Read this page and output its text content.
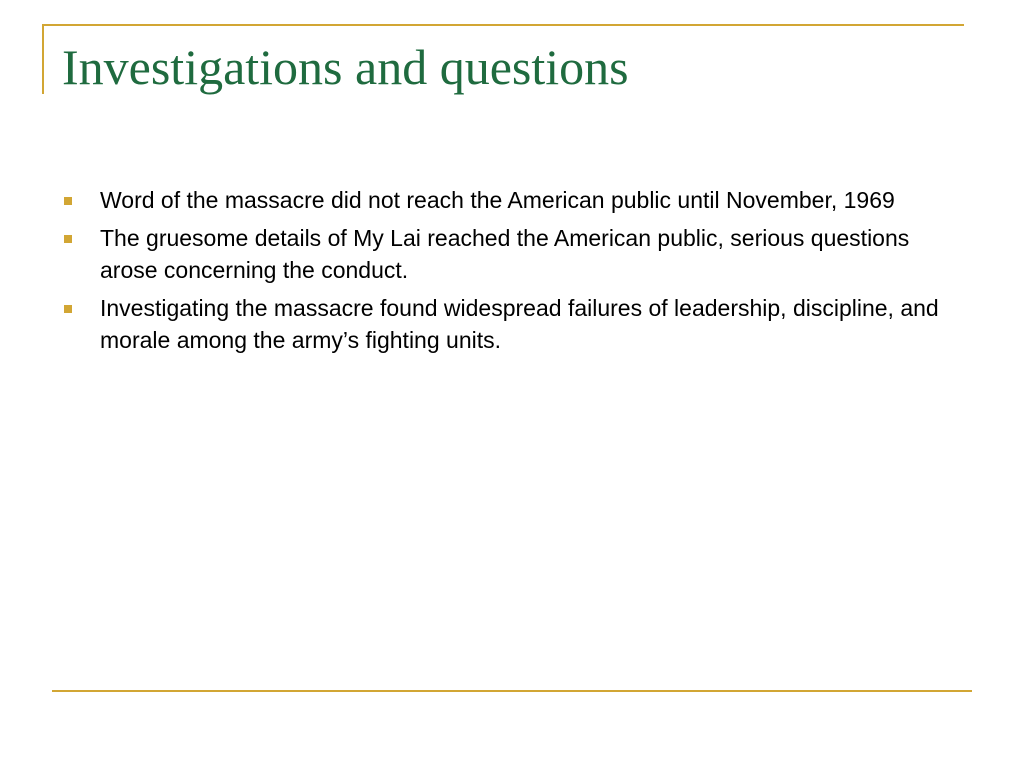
Investigations and questions
Word of the massacre did not reach the American public until November, 1969
The gruesome details of My Lai reached the American public, serious questions arose concerning the conduct.
Investigating the massacre found widespread failures of leadership, discipline, and morale among the army’s fighting units.
